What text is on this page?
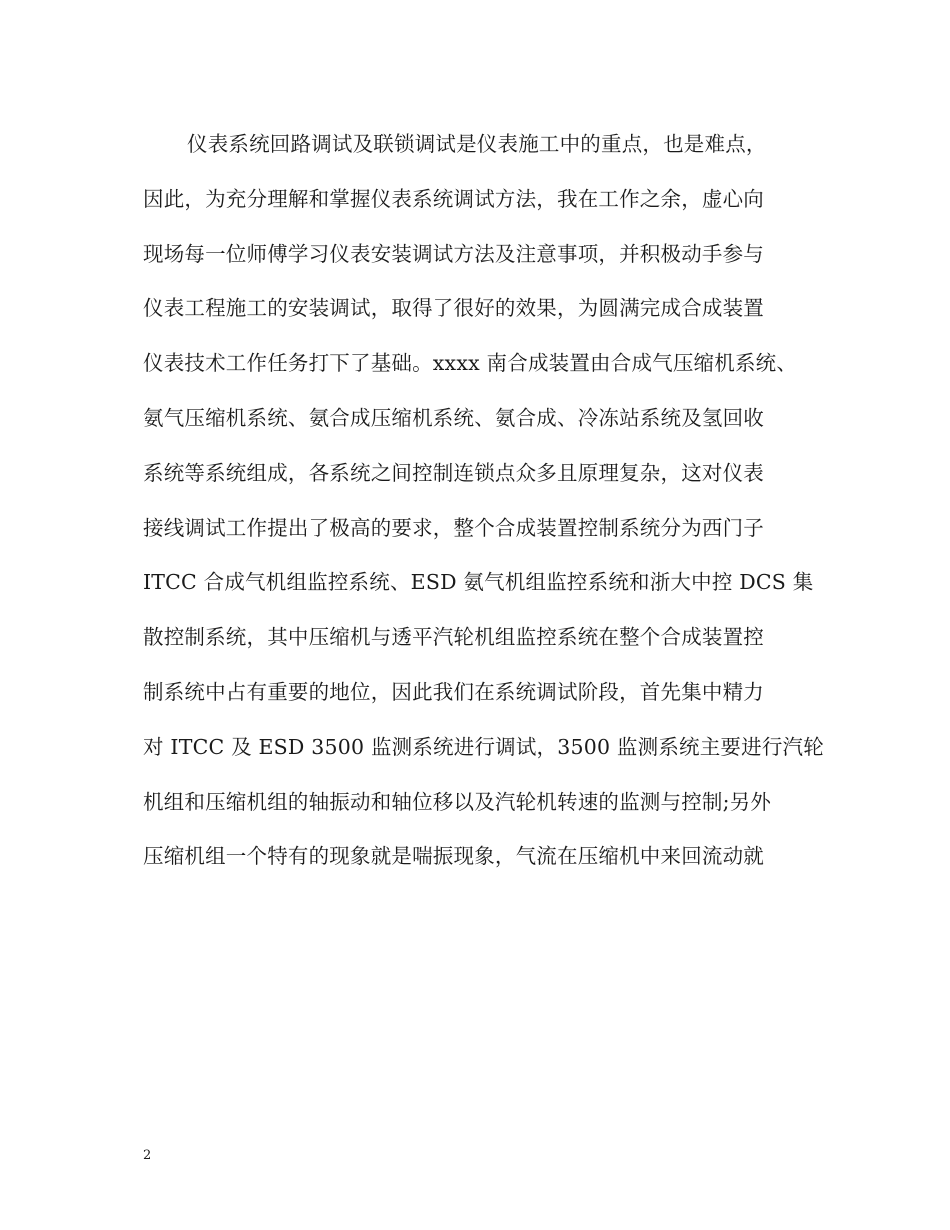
仪表系统回路调试及联锁调试是仪表施工中的重点，也是难点，
因此，为充分理解和掌握仪表系统调试方法，我在工作之余，虚心向
现场每一位师傅学习仪表安装调试方法及注意事项，并积极动手参与
仪表工程施工的安装调试，取得了很好的效果，为圆满完成合成装置
仪表技术工作任务打下了基础。xxxx 南合成装置由合成气压缩机系统、
氨气压缩机系统、氨合成压缩机系统、氨合成、冷冻站系统及氢回收
系统等系统组成，各系统之间控制连锁点众多且原理复杂，这对仪表
接线调试工作提出了极高的要求，整个合成装置控制系统分为西门子
ITCC 合成气机组监控系统、ESD 氨气机组监控系统和浙大中控 DCS 集
散控制系统，其中压缩机与透平汽轮机组监控系统在整个合成装置控
制系统中占有重要的地位，因此我们在系统调试阶段，首先集中精力
对 ITCC 及 ESD 3500 监测系统进行调试，3500 监测系统主要进行汽轮
机组和压缩机组的轴振动和轴位移以及汽轮机转速的监测与控制;另外
压缩机组一个特有的现象就是喘振现象，气流在压缩机中来回流动就
2
